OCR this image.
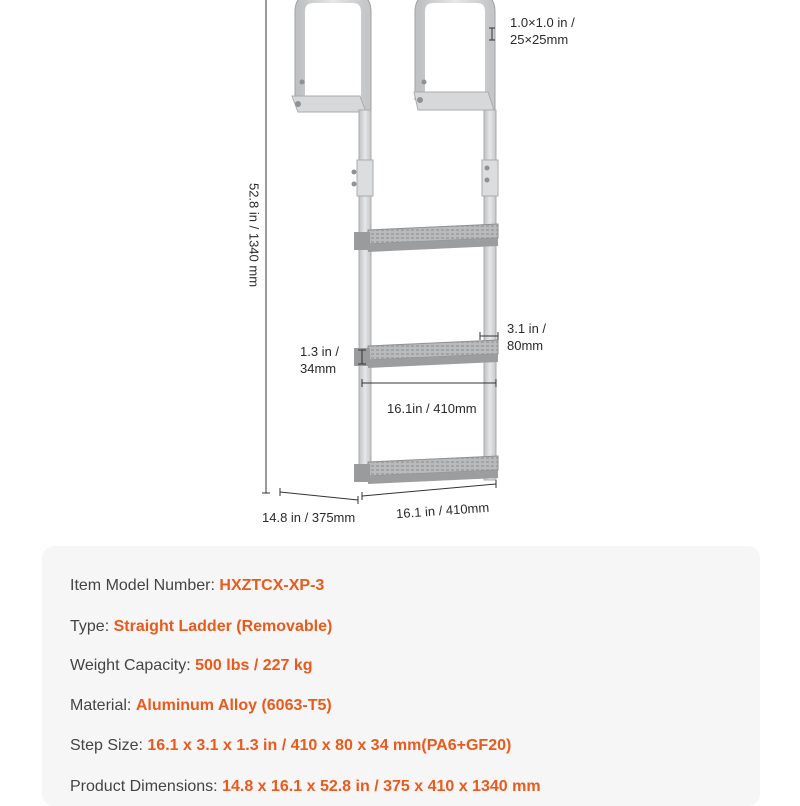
1.0×1.0 in /
25×25mm
52.8 in / 1340 mm
3.1 in /
80mm
1.3 in /
34mm
16.1in / 410mm
14.8 in / 375mm	16.1 in / 410mm
Item Model Number: HXZTCX-XP-3
Type: Straight Ladder (Removable)
Weight Capacity: 500 lbs / 227 kg
Material: Aluminum Alloy (6063-T5)
Step Size: 16.1 x 3.1 x 1.3 in / 410 x 80 x 34 mm(PA6+GF20)
Product Dimensions: 14.8 x 16.1 x 52.8 in / 375 x 410 x 1340 mm
